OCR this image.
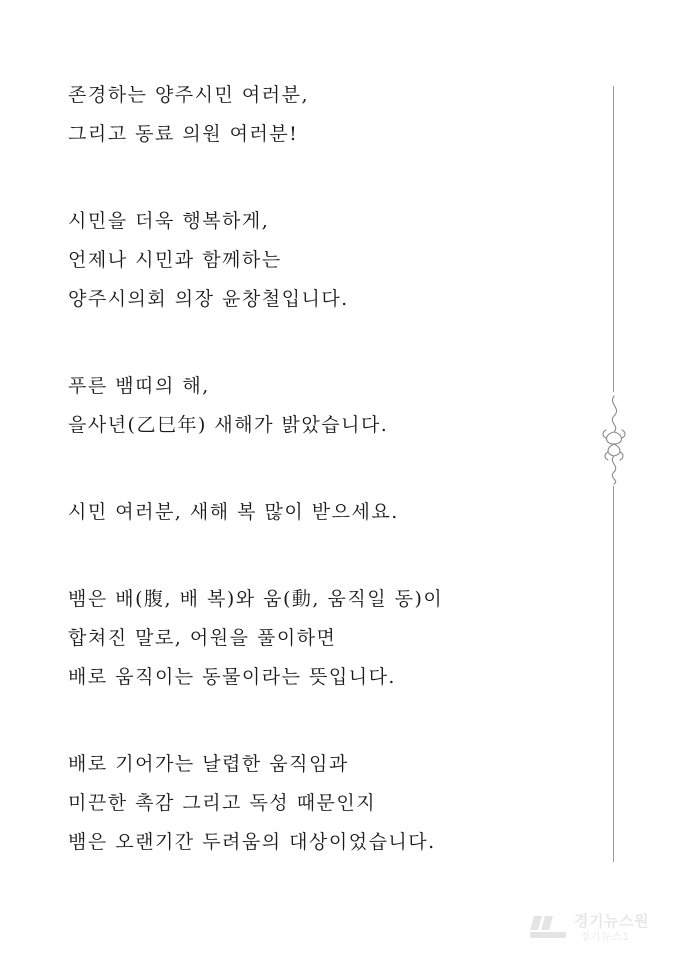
존경하는 양주시민 여러분,
그리고 동료 의원 여러분!
시민을 더욱 행복하게,
언제나 시민과 함께하는
양주시의회 의장 윤창철입니다.
푸른 뱀띠의 해,
을사년(乙巳年) 새해가 밝았습니다.
시민 여러분, 새해 복 많이 받으세요.
뱀은 배(腹, 배 복)와 움(動, 움직일 동)이
합쳐진 말로, 어원을 풀이하면
배로 움직이는 동물이라는 뜻입니다.
배로 기어가는 날렵한 움직임과
미끈한 촉감 그리고 독성 때문인지
뱀은 오랜기간 두려움의 대상이었습니다.
경기뉴스원
경기뉴스1
